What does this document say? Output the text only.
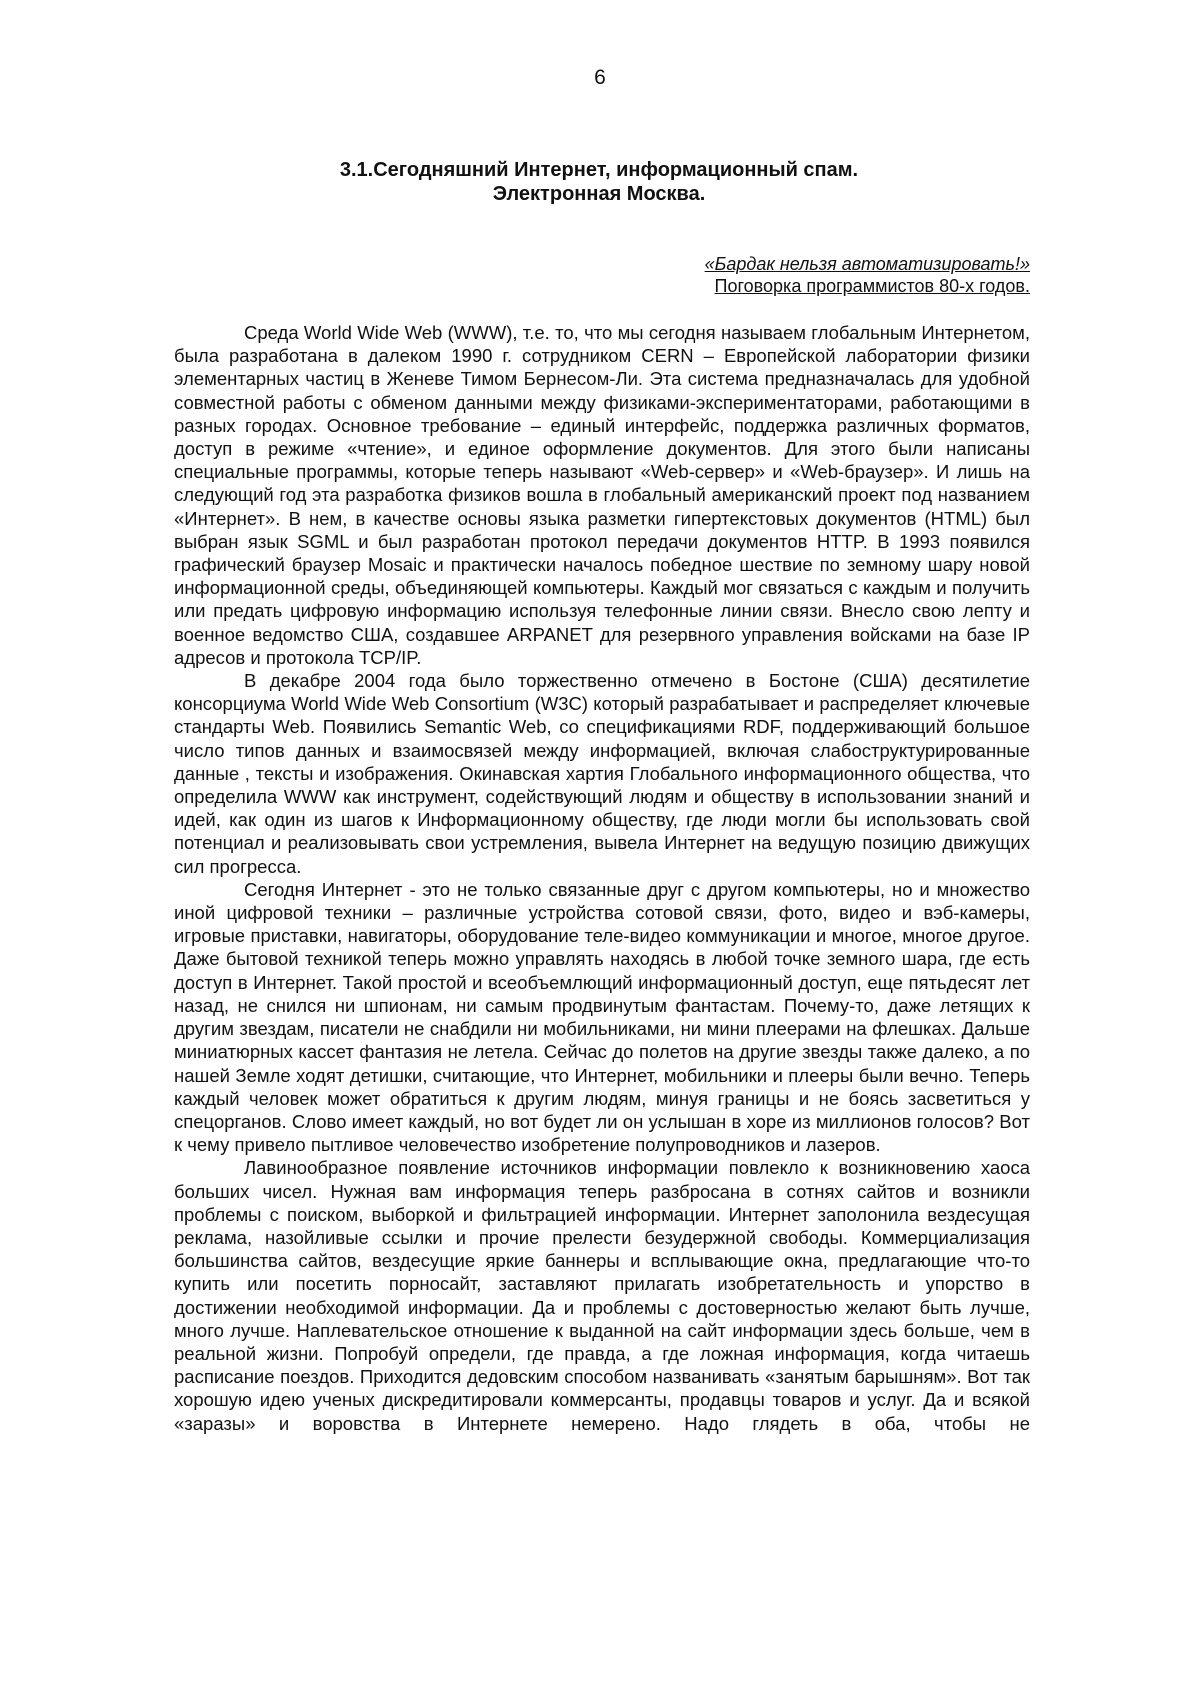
6
3.1.Сегодняшний Интернет, информационный спам.
Электронная Москва.
«Бардак нельзя автоматизировать!»
Поговорка программистов 80-х годов.

Среда World Wide Web (WWW), т.е. то, что мы сегодня называем глобальным Интернетом, была разработана в далеком 1990 г. сотрудником CERN – Европейской лаборатории физики элементарных частиц в Женеве Тимом Бернесом-Ли. Эта система предназначалась для удобной совместной работы с обменом данными между физиками-экспериментаторами, работающими в разных городах. Основное требование – единый интерфейс, поддержка различных форматов, доступ в режиме «чтение», и единое оформление документов. Для этого были написаны специальные программы, которые теперь называют «Web-сервер» и «Web-браузер». И лишь на следующий год эта разработка физиков вошла в глобальный американский проект под названием «Интернет». В нем, в качестве основы языка разметки гипертекстовых документов (HTML) был выбран язык SGML и был разработан протокол передачи документов HTTP. В 1993 появился графический браузер Mosaic и практически началось победное шествие по земному шару новой информационной среды, объединяющей компьютеры. Каждый мог связаться с каждым и получить или предать цифровую информацию используя телефонные линии связи. Внесло свою лепту и военное ведомство США, создавшее ARPANET для резервного управления войсками на базе IP адресов и протокола TCP/IP.

В декабре 2004 года было торжественно отмечено в Бостоне (США) десятилетие консорциума World Wide Web Consortium (W3C) который разрабатывает и распределяет ключевые стандарты Web. Появились Semantic Web, со спецификациями RDF, поддерживающий большое число типов данных и взаимосвязей между информацией, включая слабоструктурированные данные , тексты и изображения. Окинавская хартия Глобального информационного общества, что определила WWW как инструмент, содействующий людям и обществу в использовании знаний и идей, как один из шагов к Информационному обществу, где люди могли бы использовать свой потенциал и реализовывать свои устремления, вывела Интернет на ведущую позицию движущих сил прогресса.

Сегодня Интернет - это не только связанные друг с другом компьютеры, но и множество иной цифровой техники – различные устройства сотовой связи, фото, видео и вэб-камеры, игровые приставки, навигаторы, оборудование теле-видео коммуникации и многое, многое другое. Даже бытовой техникой теперь можно управлять находясь в любой точке земного шара, где есть доступ в Интернет. Такой простой и всеобъемлющий информационный доступ, еще пятьдесят лет назад, не снился ни шпионам, ни самым продвинутым фантастам. Почему-то, даже летящих к другим звездам, писатели не снабдили ни мобильниками, ни мини плеерами на флешках. Дальше миниатюрных кассет фантазия не летела. Сейчас до полетов на другие звезды также далеко, а по нашей Земле ходят детишки, считающие, что Интернет, мобильники и плееры были вечно. Теперь каждый человек может обратиться к другим людям, минуя границы и не боясь засветиться у спецорганов. Слово имеет каждый, но вот будет ли он услышан в хоре из миллионов голосов? Вот к чему привело пытливое человечество изобретение полупроводников и лазеров.

Лавинообразное появление источников информации повлекло к возникновению хаоса больших чисел. Нужная вам информация теперь разбросана в сотнях сайтов и возникли проблемы с поиском, выборкой и фильтрацией информации. Интернет заполонила вездесущая реклама, назойливые ссылки и прочие прелести безудержной свободы. Коммерциализация большинства сайтов, вездесущие яркие баннеры и всплывающие окна, предлагающие что-то купить или посетить порносайт, заставляют прилагать изобретательность и упорство в достижении необходимой информации. Да и проблемы с достоверностью желают быть лучше, много лучше. Наплевательское отношение к выданной на сайт информации здесь больше, чем в реальной жизни. Попробуй определи, где правда, а где ложная информация, когда читаешь расписание поездов. Приходится дедовским способом названивать «занятым барышням». Вот так хорошую идею ученых дискредитировали коммерсанты, продавцы товаров и услуг. Да и всякой «заразы» и воровства в Интернете немерено. Надо глядеть в оба, чтобы не
